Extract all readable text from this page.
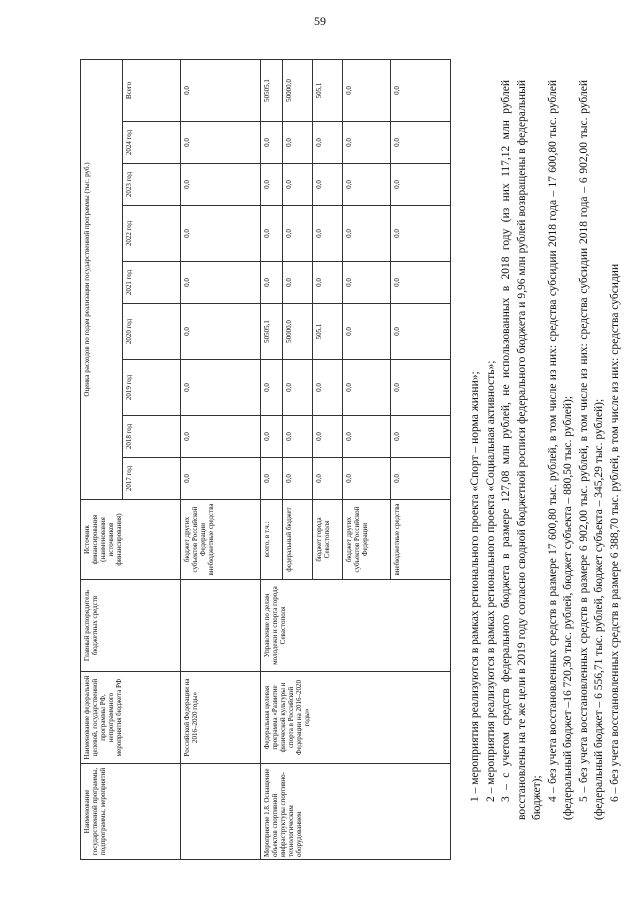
59
Наименование государственной программы, подпрограммы, мероприятий	Наименование федеральной целевой, государственной программы РФ, непрограммного мероприятия бюджета РФ	Главный распорядитель бюджетных средств	Источник финансирования (наименования источников финансирования)	Оценка расходов по годам реализации государственной программы (тыс. руб.)								
				2017 год	2018 год	2019 год	2020 год	2021 год	2022 год	2023 год	2024 год	Всего
	Российской Федерации на 2016–2020 годы»		бюджет других субъектов Российской Федерации внебюджетные средства	0,0	0,0	0,0	0,0	0,0	0,0	0,0	0,0	0,0
Мероприятие 1.8. Оснащение объектов спортивной инфраструктуры спортивно-технологическим оборудованием	Федеральная целевая программа «Развитие физической культуры и спорта в Российской Федерации на 2016–2020 годы»	Управление по делам молодежи и спорта города Севастополя	всего, в т.ч.:	0,0	0,0	0,0	50505,1	0,0	0,0	0,0	0,0	50505,1
			федеральный бюджет	0,0	0,0	0,0	50000,0	0,0	0,0	0,0	0,0	50000,0
			бюджет города Севастополя	0,0	0,0	0,0	505,1	0,0	0,0	0,0	0,0	505,1
			бюджет других субъектов Российской Федерации	0,0	0,0	0,0	0,0	0,0	0,0	0,0	0,0	0,0
			внебюджетные средства	0,0	0,0	0,0	0,0	0,0	0,0	0,0	0,0	0,0

1 – мероприятия реализуются в рамках регионального проекта «Спорт – норма жизни»; 2 – мероприятия реализуются в рамках регионального проекта «Социальная активность»; 3 – с учетом средств федерального бюджета в размере 127,08 млн рублей, не использованных в 2018 году (из них 117,12 млн рублей восстановлены на те же цели в 2019 году согласно сводной бюджетной росписи федерального бюджета и 9,96 млн рублей возвращены в федеральный бюджет); 4 – без учета восстановленных средств в размере 17 600,80 тыс. рублей, в том числе из них: средства субсидии 2018 года – 17 600,80 тыс. рублей (федеральный бюджет –16 720,30 тыс. рублей, бюджет субъекта – 880,50 тыс. рублей); 5 – без учета восстановленных средств в размере 6 902,00 тыс. рублей, в том числе из них: средства субсидии 2018 года – 6 902,00 тыс. рублей (федеральный бюджет – 6 556,71 тыс. рублей, бюджет субъекта – 345,29 тыс. рублей); 6 – без учета восстановленных средств в размере 6 388,70 тыс. рублей, в том числе из них: средства субсидии
